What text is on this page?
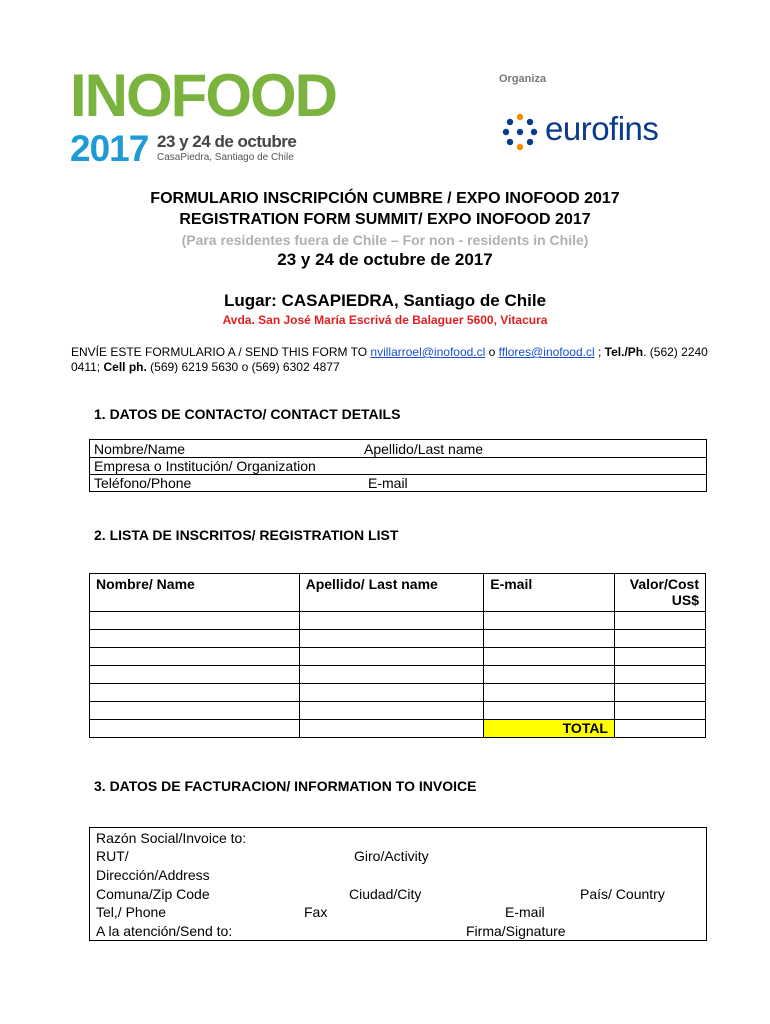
INOFOOD
2017 23 y 24 de octubre
CasaPiedra, Santiago de Chile
Organiza
eurofins
FORMULARIO INSCRIPCIÓN CUMBRE / EXPO INOFOOD 2017
REGISTRATION FORM SUMMIT/ EXPO INOFOOD 2017
(Para residentes fuera de Chile – For non - residents in Chile)
23 y 24 de octubre de 2017
Lugar: CASAPIEDRA, Santiago de Chile
Avda. San José María Escrivá de Balaguer 5600, Vitacura
ENVÍE ESTE FORMULARIO A / SEND THIS FORM TO nvillarroel@inofood.cl o fflores@inofood.cl ; Tel./Ph. (562) 2240 0411; Cell ph. (569) 6219 5630 o (569) 6302 4877
1. DATOS DE CONTACTO/ CONTACT DETAILS
Nombre/Name	Apellido/Last name
Empresa o Institución/ Organization
Teléfono/Phone	E-mail
2. LISTA DE INSCRITOS/ REGISTRATION LIST
Nombre/ Name	Apellido/ Last name	E-mail	Valor/Cost US$

		TOTAL	
3. DATOS DE FACTURACION/ INFORMATION TO INVOICE
Razón Social/Invoice to:
RUT/	Giro/Activity
Dirección/Address
Comuna/Zip Code	Ciudad/City	País/ Country
Tel,/ Phone	Fax	E-mail
A la atención/Send to:	Firma/Signature
